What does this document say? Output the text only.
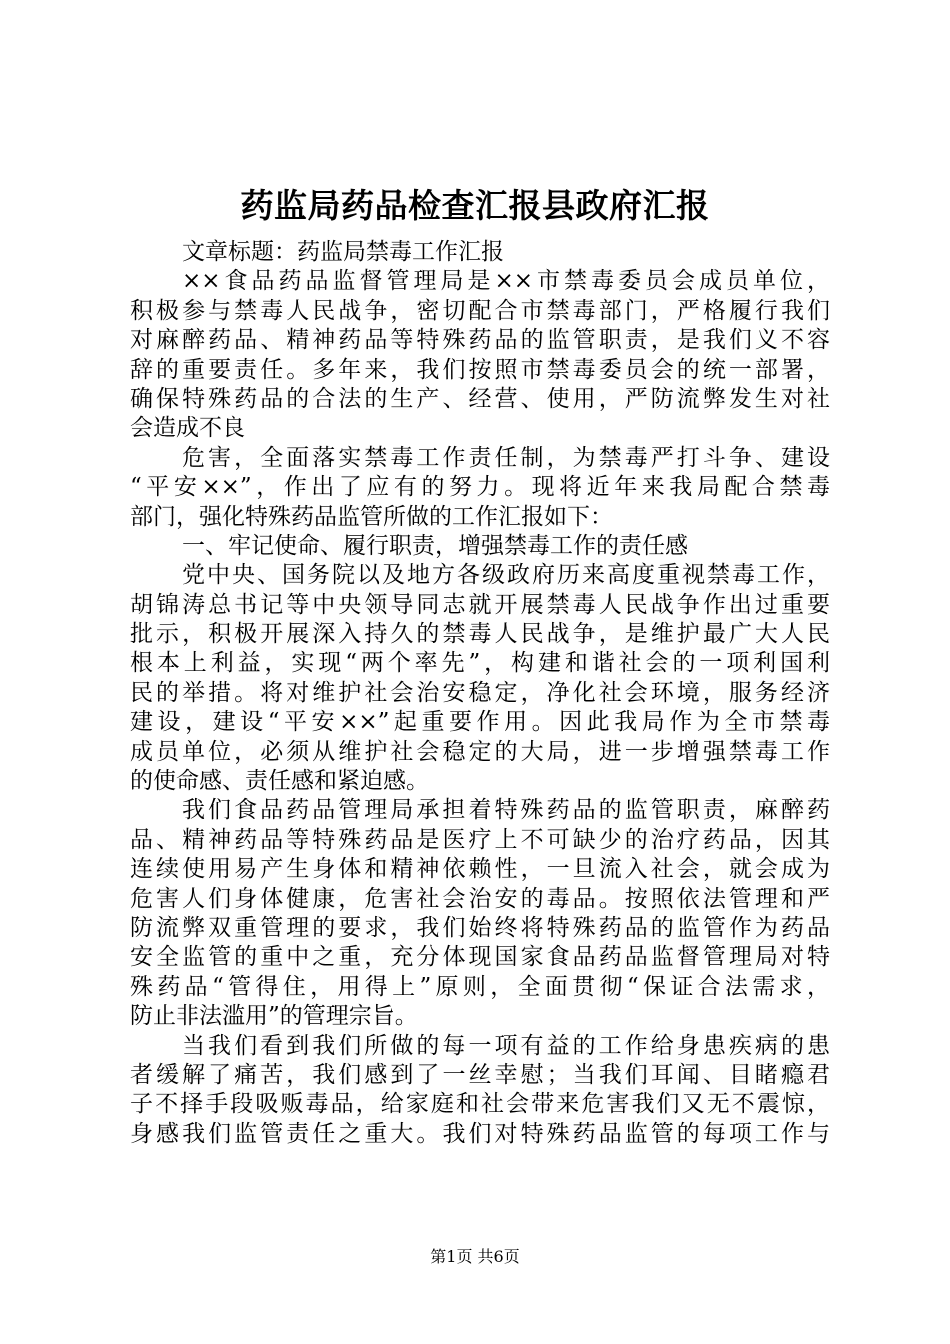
药监局药品检查汇报县政府汇报
文章标题：药监局禁毒工作汇报
××食品药品监督管理局是××市禁毒委员会成员单位，
积极参与禁毒人民战争，密切配合市禁毒部门，严格履行我们
对麻醉药品、精神药品等特殊药品的监管职责，是我们义不容
辞的重要责任。多年来，我们按照市禁毒委员会的统一部署，
确保特殊药品的合法的生产、经营、使用，严防流弊发生对社
会造成不良
危害，全面落实禁毒工作责任制，为禁毒严打斗争、建设
“平安××”，作出了应有的努力。现将近年来我局配合禁毒
部门，强化特殊药品监管所做的工作汇报如下：
一、牢记使命、履行职责，增强禁毒工作的责任感
党中央、国务院以及地方各级政府历来高度重视禁毒工作，
胡锦涛总书记等中央领导同志就开展禁毒人民战争作出过重要
批示，积极开展深入持久的禁毒人民战争，是维护最广大人民
根本上利益，实现“两个率先”，构建和谐社会的一项利国利
民的举措。将对维护社会治安稳定，净化社会环境，服务经济
建设，建设“平安××”起重要作用。因此我局作为全市禁毒
成员单位，必须从维护社会稳定的大局，进一步增强禁毒工作
的使命感、责任感和紧迫感。
我们食品药品管理局承担着特殊药品的监管职责，麻醉药
品、精神药品等特殊药品是医疗上不可缺少的治疗药品，因其
连续使用易产生身体和精神依赖性，一旦流入社会，就会成为
危害人们身体健康，危害社会治安的毒品。按照依法管理和严
防流弊双重管理的要求，我们始终将特殊药品的监管作为药品
安全监管的重中之重，充分体现国家食品药品监督管理局对特
殊药品“管得住，用得上”原则，全面贯彻“保证合法需求，
防止非法滥用”的管理宗旨。
当我们看到我们所做的每一项有益的工作给身患疾病的患
者缓解了痛苦，我们感到了一丝幸慰；当我们耳闻、目睹瘾君
子不择手段吸贩毒品，给家庭和社会带来危害我们又无不震惊，
身感我们监管责任之重大。我们对特殊药品监管的每项工作与
第1页 共6页
